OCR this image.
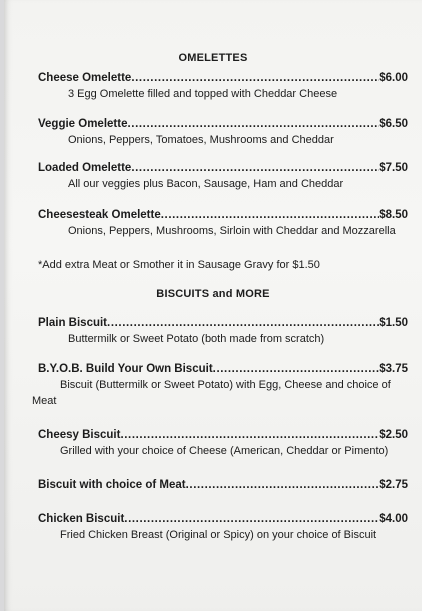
OMELETTES
Cheese Omelette .....	$6.00
3 Egg Omelette filled and topped with Cheddar Cheese
Veggie Omelette .....	$6.50
Onions, Peppers, Tomatoes, Mushrooms and Cheddar
Loaded Omelette .....	$7.50
All our veggies plus Bacon, Sausage, Ham and Cheddar
Cheesesteak Omelette .....	$8.50
Onions, Peppers, Mushrooms, Sirloin with Cheddar and Mozzarella
*Add extra Meat or Smother it in Sausage Gravy for $1.50
BISCUITS and MORE
Plain Biscuit .....	$1.50
Buttermilk or Sweet Potato (both made from scratch)
B.Y.O.B. Build Your Own Biscuit .....	$3.75
Biscuit (Buttermilk or Sweet Potato) with Egg, Cheese and choice of Meat
Cheesy Biscuit .....	$2.50
Grilled with your choice of Cheese (American, Cheddar or Pimento)
Biscuit with choice of Meat .....	$2.75
Chicken Biscuit .....	$4.00
Fried Chicken Breast (Original or Spicy) on your choice of Biscuit
